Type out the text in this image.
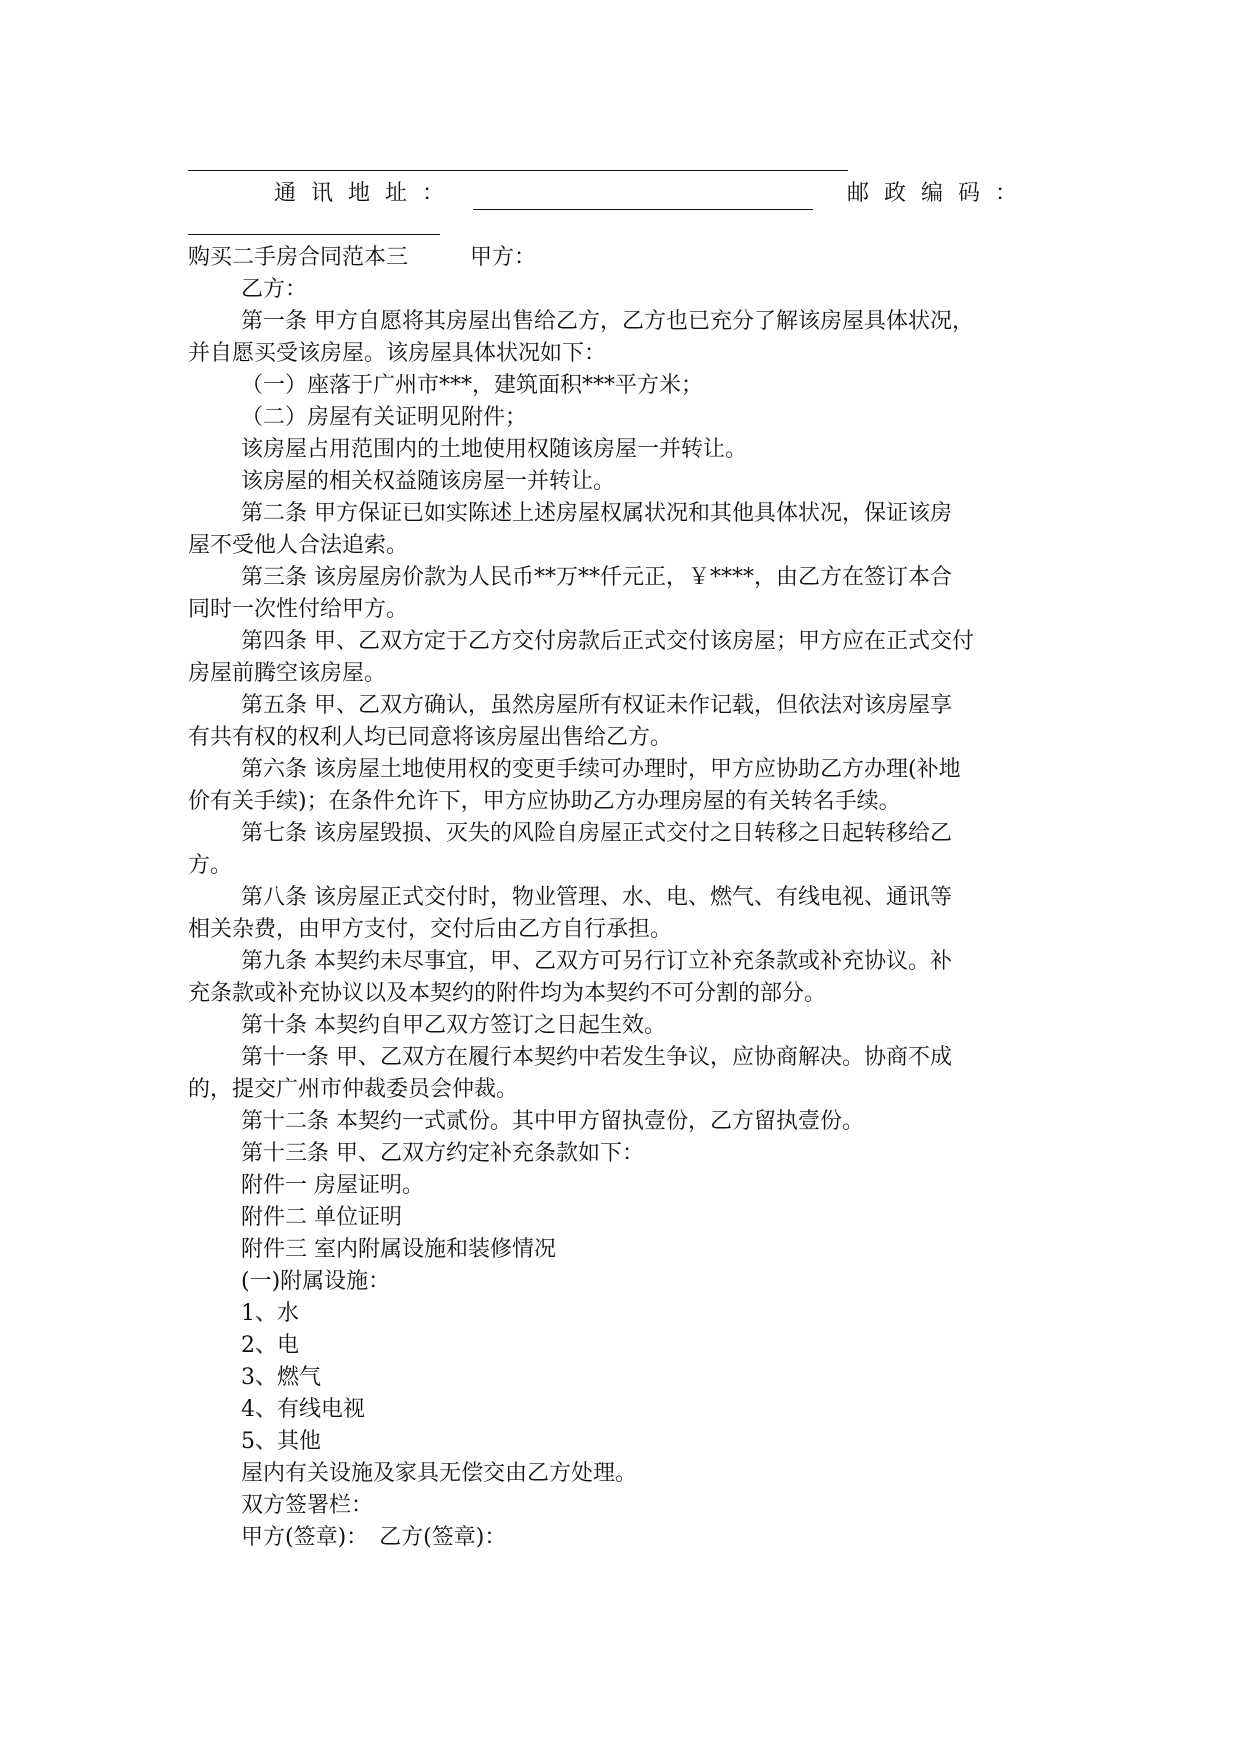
通讯地址：	邮政编码：
购买二手房合同范本三	甲方：
乙方：
第一条 甲方自愿将其房屋出售给乙方，乙方也已充分了解该房屋具体状况，
并自愿买受该房屋。该房屋具体状况如下：
（一）座落于广州市***，建筑面积***平方米；
（二）房屋有关证明见附件；
该房屋占用范围内的土地使用权随该房屋一并转让。
该房屋的相关权益随该房屋一并转让。
第二条 甲方保证已如实陈述上述房屋权属状况和其他具体状况，保证该房
屋不受他人合法追索。
第三条 该房屋房价款为人民币**万**仟元正，￥****，由乙方在签订本合
同时一次性付给甲方。
第四条 甲、乙双方定于乙方交付房款后正式交付该房屋；甲方应在正式交付
房屋前腾空该房屋。
第五条 甲、乙双方确认，虽然房屋所有权证未作记载，但依法对该房屋享
有共有权的权利人均已同意将该房屋出售给乙方。
第六条 该房屋土地使用权的变更手续可办理时，甲方应协助乙方办理(补地
价有关手续)；在条件允许下，甲方应协助乙方办理房屋的有关转名手续。
第七条 该房屋毁损、灭失的风险自房屋正式交付之日转移之日起转移给乙
方。
第八条 该房屋正式交付时，物业管理、水、电、燃气、有线电视、通讯等
相关杂费，由甲方支付，交付后由乙方自行承担。
第九条 本契约未尽事宜，甲、乙双方可另行订立补充条款或补充协议。补
充条款或补充协议以及本契约的附件均为本契约不可分割的部分。
第十条 本契约自甲乙双方签订之日起生效。
第十一条 甲、乙双方在履行本契约中若发生争议，应协商解决。协商不成
的，提交广州市仲裁委员会仲裁。
第十二条 本契约一式贰份。其中甲方留执壹份，乙方留执壹份。
第十三条 甲、乙双方约定补充条款如下：
附件一 房屋证明。
附件二 单位证明
附件三 室内附属设施和装修情况
(一)附属设施：
1、水
2、电
3、燃气
4、有线电视
5、其他
屋内有关设施及家具无偿交由乙方处理。
双方签署栏：
甲方(签章)：　乙方(签章)：
